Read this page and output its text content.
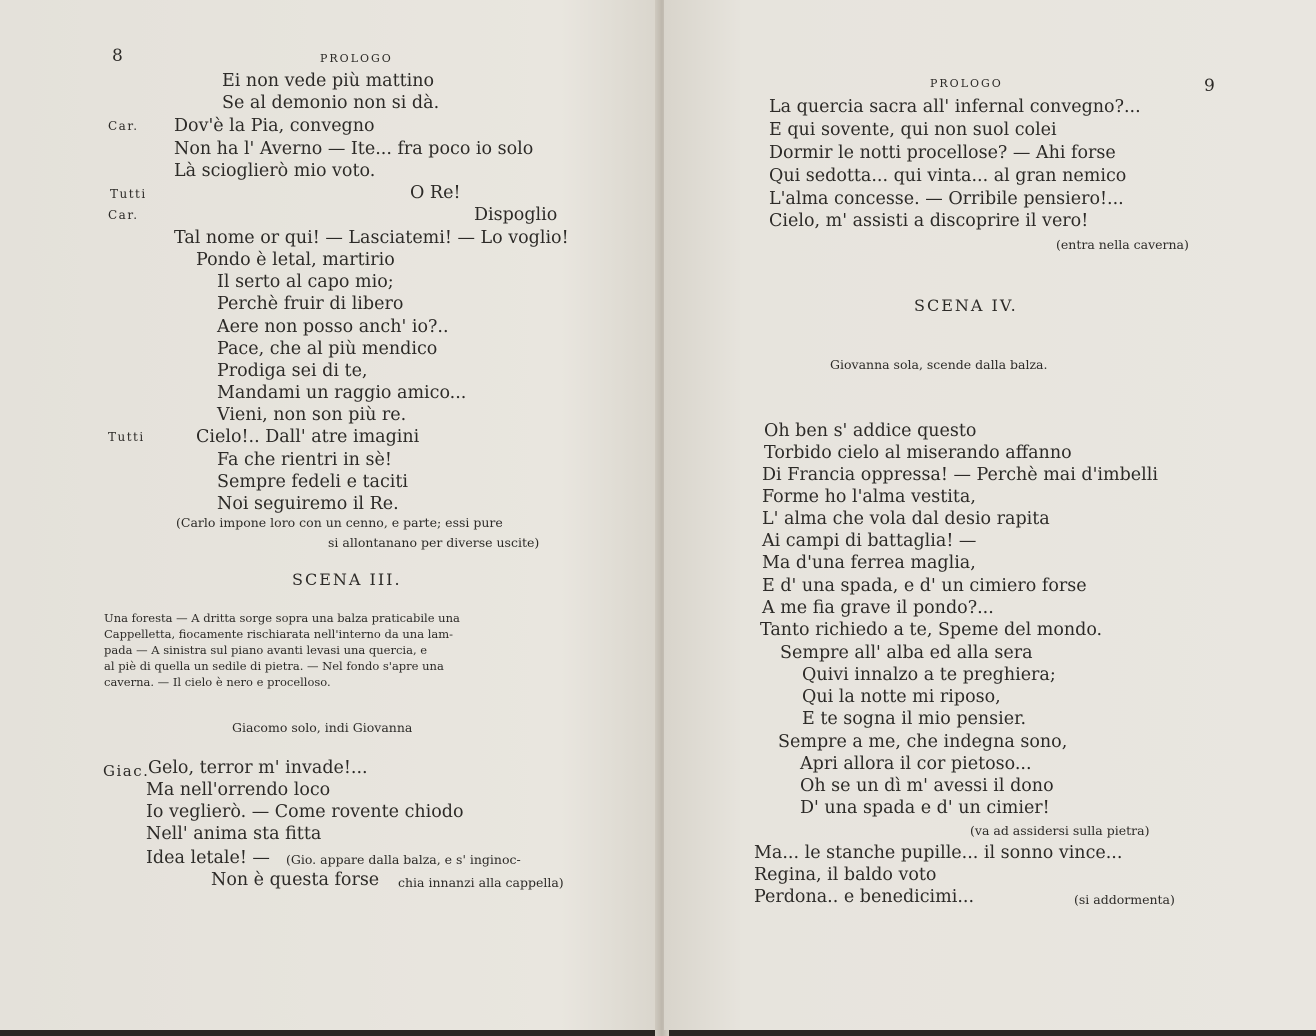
8	PROLOGO
Ei non vede più mattino
Se al demonio non si dà.
Car. Dov'è la Pia, convegno
Non ha l' Averno — Ite... fra poco io solo
Là scioglierò mio voto.
Tutti	O Re!
Car.	Dispoglio
Tal nome or qui! — Lasciatemi! — Lo voglio!
Pondo è letal, martirio
Il serto al capo mio;
Perchè fruir di libero
Aere non posso anch' io?..
Pace, che al più mendico
Prodiga sei di te,
Mandami un raggio amico...
Vieni, non son più re.
Tutti	Cielo!.. Dall' atre imagini
Fa che rientri in sè!
Sempre fedeli e taciti
Noi seguiremo il Re.
(Carlo impone loro con un cenno, e parte; essi pure
si allontanano per diverse uscite)
SCENA III.
Una foresta — A dritta sorge sopra una balza praticabile una
Cappelletta, fiocamente rischiarata nell'interno da una lam-
pada — A sinistra sul piano avanti levasi una quercia, e
al piè di quella un sedile di pietra. — Nel fondo s'apre una
caverna. — Il cielo è nero e procelloso.
Giacomo solo, indi Giovanna
Giac.
Gelo, terror m' invade!...
Ma nell'orrendo loco
Io veglierò. — Come rovente chiodo
Nell' anima sta fitta
Idea letale! — (Gio. appare dalla balza, e s' inginoc-
Non è questa forse chia innanzi alla cappella)
PROLOGO	9
La quercia sacra all' infernal convegno?...
E qui sovente, qui non suol colei
Dormir le notti procellose? — Ahi forse
Qui sedotta... qui vinta... al gran nemico
L'alma concesse. — Orribile pensiero!...
Cielo, m' assisti a discoprire il vero!
(entra nella caverna)
SCENA IV.
Giovanna sola, scende dalla balza.
Oh ben s' addice questo
Torbido cielo al miserando affanno
Di Francia oppressa! — Perchè mai d'imbelli
Forme ho l'alma vestita,
L' alma che vola dal desio rapita
Ai campi di battaglia! —
Ma d'una ferrea maglia,
E d' una spada, e d' un cimiero forse
A me fia grave il pondo?...
Tanto richiedo a te, Speme del mondo.
Sempre all' alba ed alla sera
Quivi innalzo a te preghiera;
Qui la notte mi riposo,
E te sogna il mio pensier.
Sempre a me, che indegna sono,
Apri allora il cor pietoso...
Oh se un dì m' avessi il dono
D' una spada e d' un cimier!
(va ad assidersi sulla pietra)
Ma... le stanche pupille... il sonno vince...
Regina, il baldo voto
Perdona.. e benedicimi...	(si addormenta)
